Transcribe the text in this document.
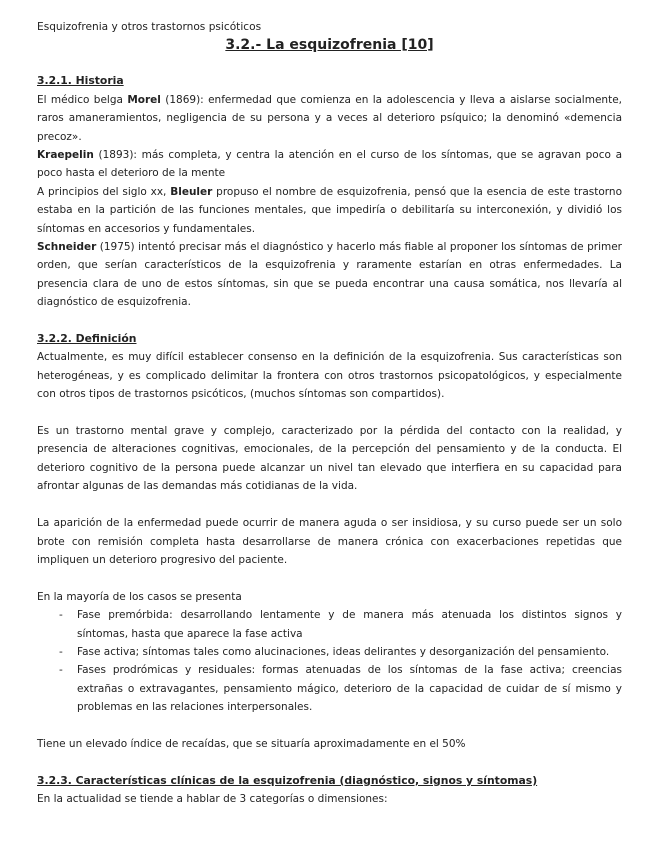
Esquizofrenia y otros trastornos psicóticos
3.2.- La esquizofrenia [10]
3.2.1. Historia

El médico belga Morel (1869): enfermedad que comienza en la adolescencia y lleva a aislarse socialmente, raros amaneramientos, negligencia de su persona y a veces al deterioro psíquico; la denominó «demencia precoz».

Kraepelin (1893): más completa, y centra la atención en el curso de los síntomas, que se agravan poco a poco hasta el deterioro de la mente

A principios del siglo xx, Bleuler propuso el nombre de esquizofrenia, pensó que la esencia de este trastorno estaba en la partición de las funciones mentales, que impediría o debilitaría su interconexión, y dividió los síntomas en accesorios y fundamentales.

Schneider (1975) intentó precisar más el diagnóstico y hacerlo más fiable al proponer los síntomas de primer orden, que serían característicos de la esquizofrenia y raramente estarían en otras enfermedades. La presencia clara de uno de estos síntomas, sin que se pueda encontrar una causa somática, nos llevaría al diagnóstico de esquizofrenia.

3.2.2. Definición

Actualmente, es muy difícil establecer consenso en la definición de la esquizofrenia. Sus características son heterogéneas, y es complicado delimitar la frontera con otros trastornos psicopatológicos, y especialmente con otros tipos de trastornos psicóticos, (muchos síntomas son compartidos).

Es un trastorno mental grave y complejo, caracterizado por la pérdida del contacto con la realidad, y presencia de alteraciones cognitivas, emocionales, de la percepción del pensamiento y de la conducta. El deterioro cognitivo de la persona puede alcanzar un nivel tan elevado que interfiera en su capacidad para afrontar algunas de las demandas más cotidianas de la vida.

La aparición de la enfermedad puede ocurrir de manera aguda o ser insidiosa, y su curso puede ser un solo brote con remisión completa hasta desarrollarse de manera crónica con exacerbaciones repetidas que impliquen un deterioro progresivo del paciente.

En la mayoría de los casos se presenta

- Fase premórbida: desarrollando lentamente y de manera más atenuada los distintos signos y síntomas, hasta que aparece la fase activa
- Fase activa; síntomas tales como alucinaciones, ideas delirantes y desorganización del pensamiento.
- Fases prodrómicas y residuales: formas atenuadas de los síntomas de la fase activa; creencias extrañas o extravagantes, pensamiento mágico, deterioro de la capacidad de cuidar de sí mismo y problemas en las relaciones interpersonales.

Tiene un elevado índice de recaídas, que se situaría aproximadamente en el 50%

3.2.3. Características clínicas de la esquizofrenia (diagnóstico, signos y síntomas)

En la actualidad se tiende a hablar de 3 categorías o dimensiones:
